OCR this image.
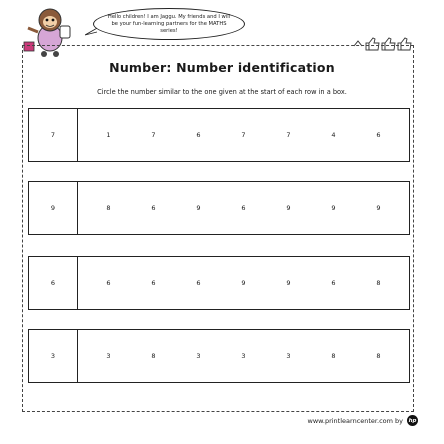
Hello children! I am Jaggu. My friends and I will be your fun-learning partners for the MATHS series!
Number: Number identification
Circle the number similar to the one given at the start of each row in a box.
7	1	7	6	7	7	4	6
9	8	6	9	6	9	9	9
6	6	6	6	9	9	6	8
3	3	8	3	3	3	8	8
www.printlearncenter.com by hp
